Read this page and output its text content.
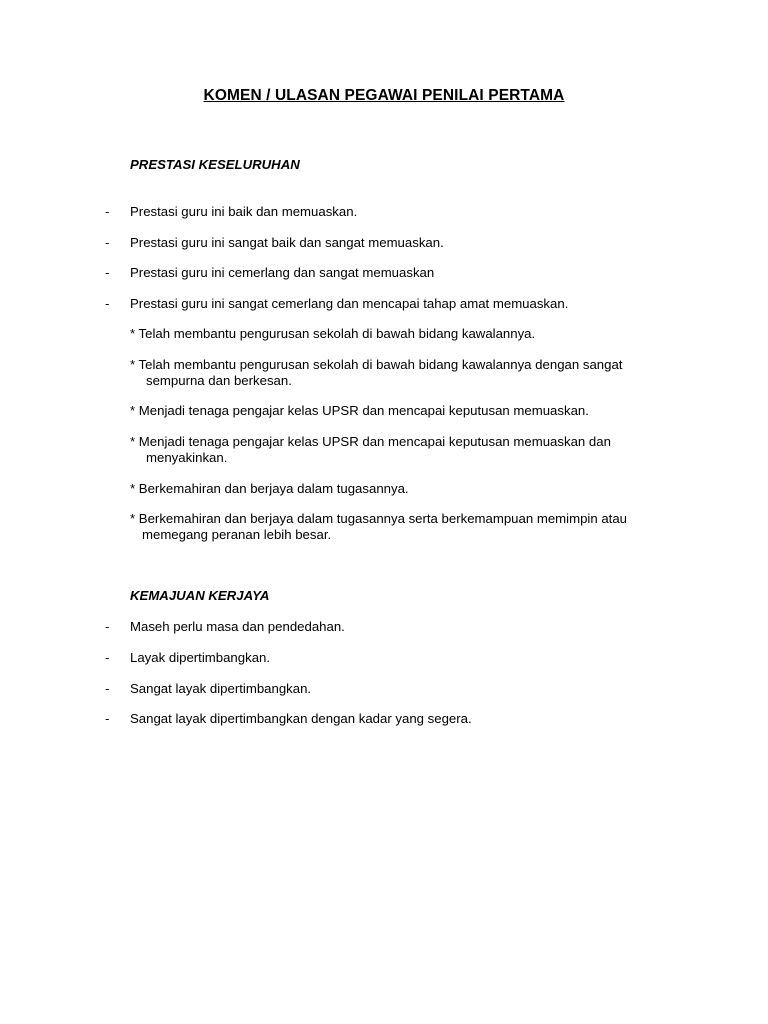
KOMEN / ULASAN PEGAWAI PENILAI PERTAMA
PRESTASI KESELURUHAN
- Prestasi guru ini baik dan memuaskan.
- Prestasi guru ini sangat baik dan sangat memuaskan.
- Prestasi guru ini cemerlang dan sangat memuaskan
- Prestasi guru ini sangat cemerlang dan mencapai tahap amat memuaskan.
* Telah membantu pengurusan sekolah di bawah bidang kawalannya.
* Telah membantu pengurusan sekolah di bawah bidang kawalannya dengan sangat
sempurna dan berkesan.
* Menjadi tenaga pengajar kelas UPSR dan mencapai keputusan memuaskan.
* Menjadi tenaga pengajar kelas UPSR dan mencapai keputusan memuaskan dan
menyakinkan.
* Berkemahiran dan berjaya dalam tugasannya.
* Berkemahiran dan berjaya dalam tugasannya serta berkemampuan memimpin atau
memegang peranan lebih besar.
KEMAJUAN KERJAYA
- Maseh perlu masa dan pendedahan.
- Layak dipertimbangkan.
- Sangat layak dipertimbangkan.
- Sangat layak dipertimbangkan dengan kadar yang segera.
